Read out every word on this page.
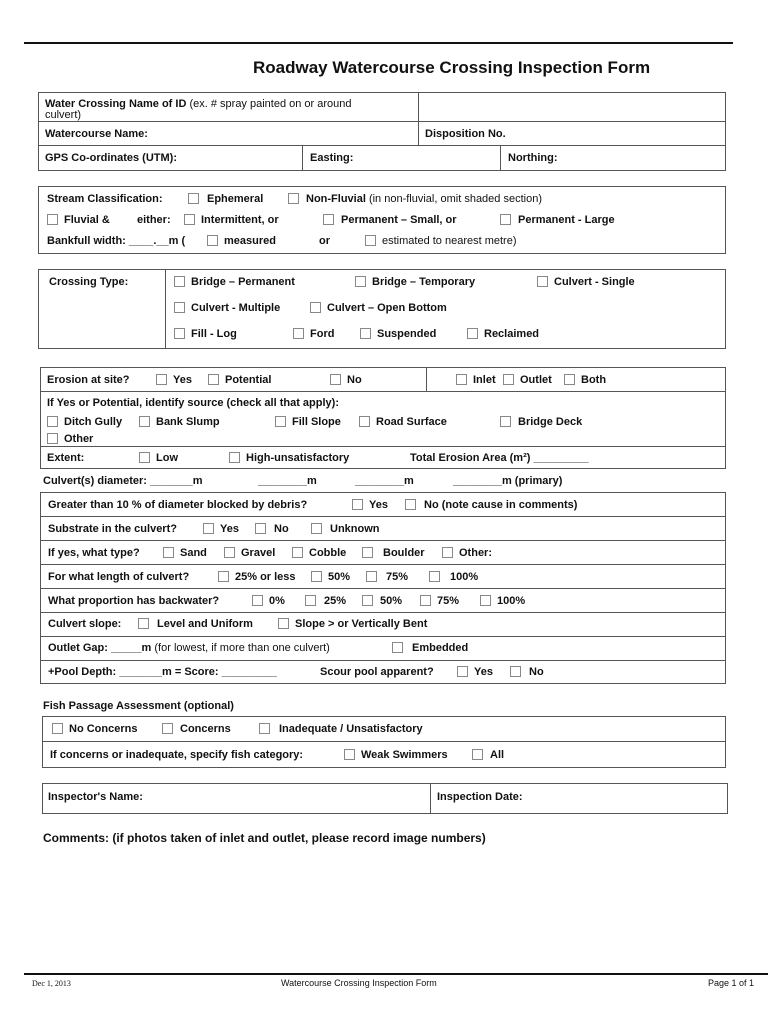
Roadway Watercourse Crossing Inspection Form
Water Crossing Name of ID (ex. # spray painted on or around
culvert)
Watercourse Name:	Disposition No.
GPS Co-ordinates (UTM):	Easting:	Northing:
Stream Classification:	Ephemeral	Non-Fluvial (in non-fluvial, omit shaded section)
Fluvial & either:	Intermittent, or	Permanent – Small, or	Permanent - Large
Bankfull width: ____.__m (	measured	or	estimated to nearest metre)
Crossing Type:	Bridge – Permanent	Bridge – Temporary	Culvert - Single
Culvert - Multiple	Culvert – Open Bottom
Fill - Log	Ford	Suspended	Reclaimed
Erosion at site?	Yes	Potential	No	Inlet Outlet	Both
If Yes or Potential, identify source (check all that apply):
Ditch Gully	Bank Slump	Fill Slope	Road Surface	Bridge Deck
Other
Extent:	Low	High-unsatisfactory	Total Erosion Area (m²) _________
Culvert(s) diameter: _______m	________m	________m	________m (primary)
Greater than 10 % of diameter blocked by debris?	Yes	No (note cause in comments)
Substrate in the culvert?	Yes	No	Unknown
If yes, what type?	Sand	Gravel	Cobble	Boulder	Other:
For what length of culvert?	25% or less	50%	75%	100%
What proportion has backwater?	0%	25%	50%	75%	100%
Culvert slope:	Level and Uniform	Slope > or Vertically Bent
Outlet Gap: _____m (for lowest, if more than one culvert)	Embedded
+Pool Depth: _______m = Score: _________	Scour pool apparent?	Yes	No
Fish Passage Assessment (optional)
No Concerns	Concerns	Inadequate / Unsatisfactory
If concerns or inadequate, specify fish category:	Weak Swimmers	All
Inspector's Name:	Inspection Date:
Comments: (if photos taken of inlet and outlet, please record image numbers)
Dec 1, 2013	Watercourse Crossing Inspection Form	Page 1 of 1
